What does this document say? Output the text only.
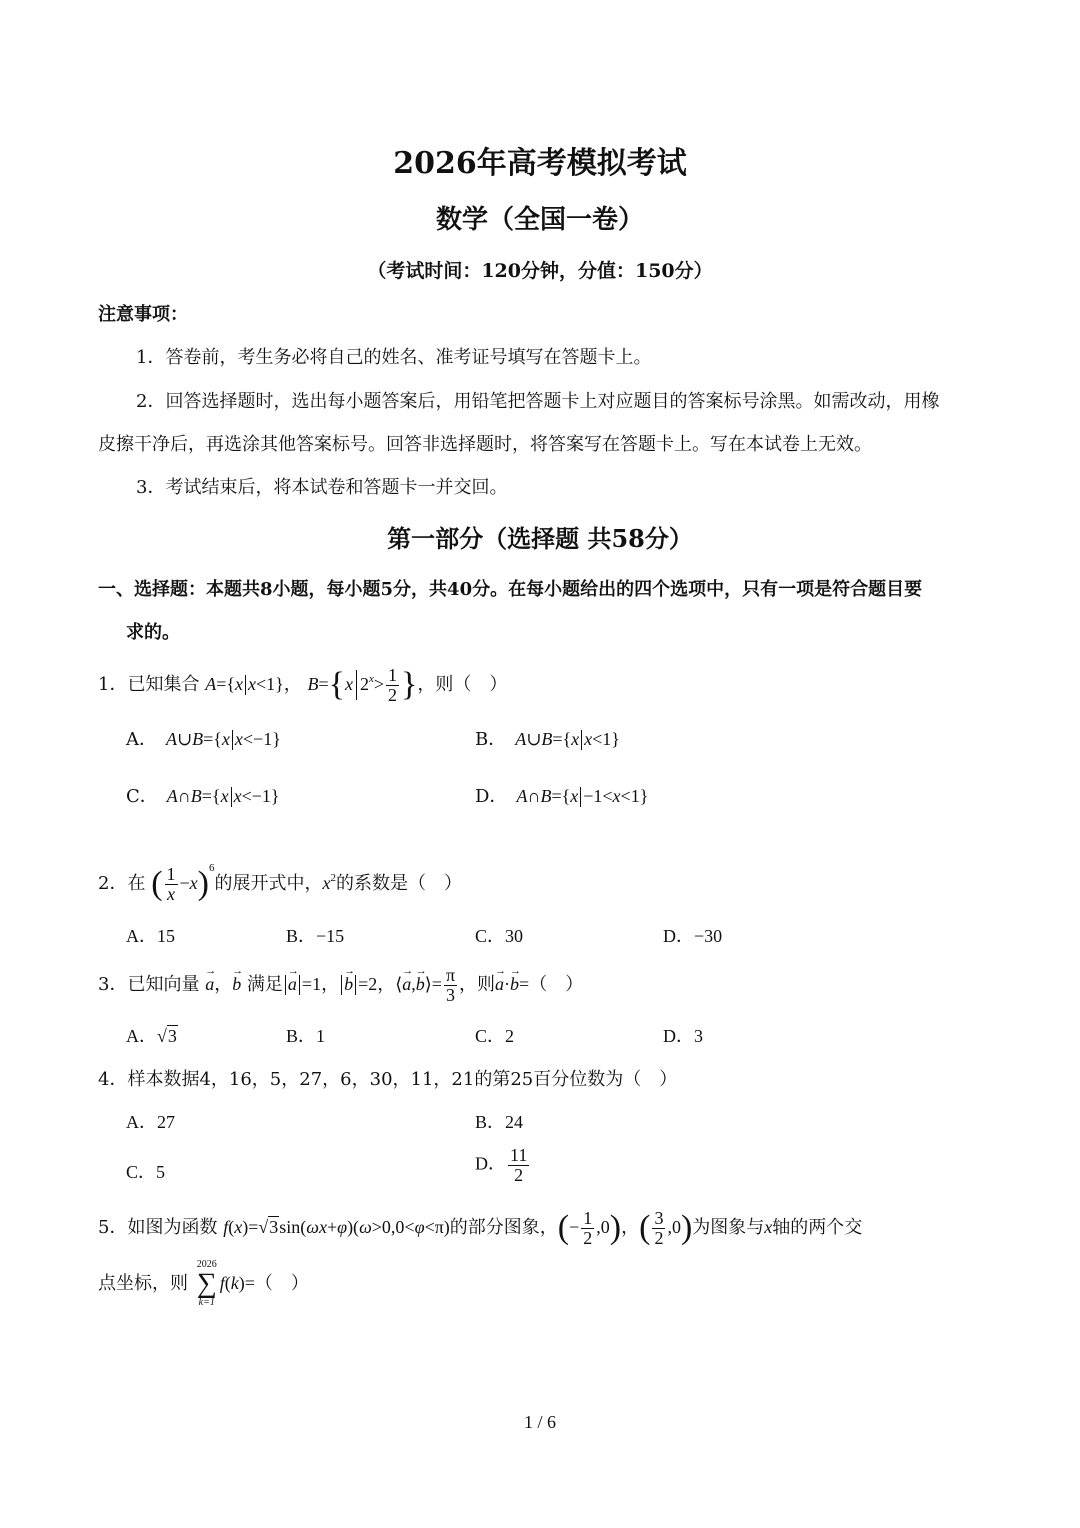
2026年高考模拟考试
数学（全国一卷）
（考试时间：120分钟，分值：150分）
注意事项：
1．答卷前，考生务必将自己的姓名、准考证号填写在答题卡上。
2．回答选择题时，选出每小题答案后，用铅笔把答题卡上对应题目的答案标号涂黑。如需改动，用橡
皮擦干净后，再选涂其他答案标号。回答非选择题时，将答案写在答题卡上。写在本试卷上无效。
3．考试结束后，将本试卷和答题卡一并交回。
第一部分（选择题 共58分）
一、选择题：本题共8小题，每小题5分，共40分。在每小题给出的四个选项中，只有一项是符合题目要
求的。
1．已知集合 A={x x<1}， B={x $2^x> \frac{1}{2}$ }，则（　）
A．　 A∪B={x x<−1}	B．　 A∪B={x x<1}
C．　 A∩B={x x<−1}	D．　 A∩B={x −1<x<1}
2．在 ( $\frac{1}{x} -x)^6$的展开式中，$x^2$的系数是（　）
A．15	B．−15	C．30	D．−30
3．已知向量 → a，→ b 满足 → a =1， → b =2，⟨→ a,→ b⟩= $\frac{\pi}{3}$ ，则→ a·→ b=（　）
A．√3	B．1	C．2	D．3
4．样本数据4，16，5，27，6，30，11，21的第25百分位数为（　）
A．27	B．24
C．5	D． $\frac{11}{2}$
5．如图为函数 f(x)=√3sin(ωx+φ)(ω>0,0<φ<π)的部分图象，(− $\frac{1}{2} ,0$)，( $\frac{3}{2} ,0$)为图象与x轴的两个交
点坐标，则
2026
∑
k=1
f(k)=（　）
1 / 6
